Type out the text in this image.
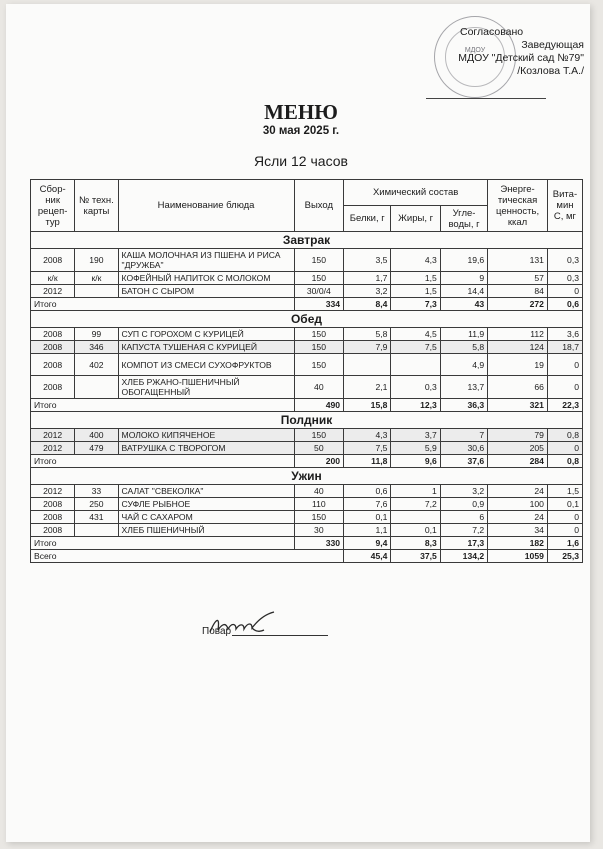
МДОУ
Согласовано
Заведующая
МДОУ "Детский сад №79"
/Козлова Т.А./
МЕНЮ
30 мая 2025 г.
Ясли 12 часов
Сбор-ник рецеп-тур	№ техн. карты	Наименование блюда	Выход	Химический состав			Энерге-тическая ценность, ккал	Вита-мин С, мг
				Белки, г	Жиры, г	Угле-воды, г		
Завтрак								
2008	190	КАША МОЛОЧНАЯ ИЗ ПШЕНА И РИСА "ДРУЖБА"	150	3,5	4,3	19,6	131	0,3
к/к	к/к	КОФЕЙНЫЙ НАПИТОК С МОЛОКОМ	150	1,7	1,5	9	57	0,3
2012		БАТОН С СЫРОМ	30/0/4	3,2	1,5	14,4	84	0
Итого			334	8,4	7,3	43	272	0,6
Обед								
2008	99	СУП С ГОРОХОМ С КУРИЦЕЙ	150	5,8	4,5	11,9	112	3,6
2008	346	КАПУСТА ТУШЕНАЯ С КУРИЦЕЙ	150	7,9	7,5	5,8	124	18,7
2008	402	КОМПОТ ИЗ СМЕСИ СУХОФРУКТОВ	150			4,9	19	0
2008		ХЛЕБ РЖАНО-ПШЕНИЧНЫЙ ОБОГАЩЕННЫЙ	40	2,1	0,3	13,7	66	0
Итого			490	15,8	12,3	36,3	321	22,3
Полдник								
2012	400	МОЛОКО КИПЯЧЕНОЕ	150	4,3	3,7	7	79	0,8
2012	479	ВАТРУШКА С ТВОРОГОМ	50	7,5	5,9	30,6	205	0
Итого			200	11,8	9,6	37,6	284	0,8
Ужин								
2012	33	САЛАТ "СВЕКОЛКА"	40	0,6	1	3,2	24	1,5
2008	250	СУФЛЕ РЫБНОЕ	110	7,6	7,2	0,9	100	0,1
2008	431	ЧАЙ С САХАРОМ	150	0,1		6	24	0
2008		ХЛЕБ ПШЕНИЧНЫЙ	30	1,1	0,1	7,2	34	0
Итого			330	9,4	8,3	17,3	182	1,6
Всего				45,4	37,5	134,2	1059	25,3
Повар
